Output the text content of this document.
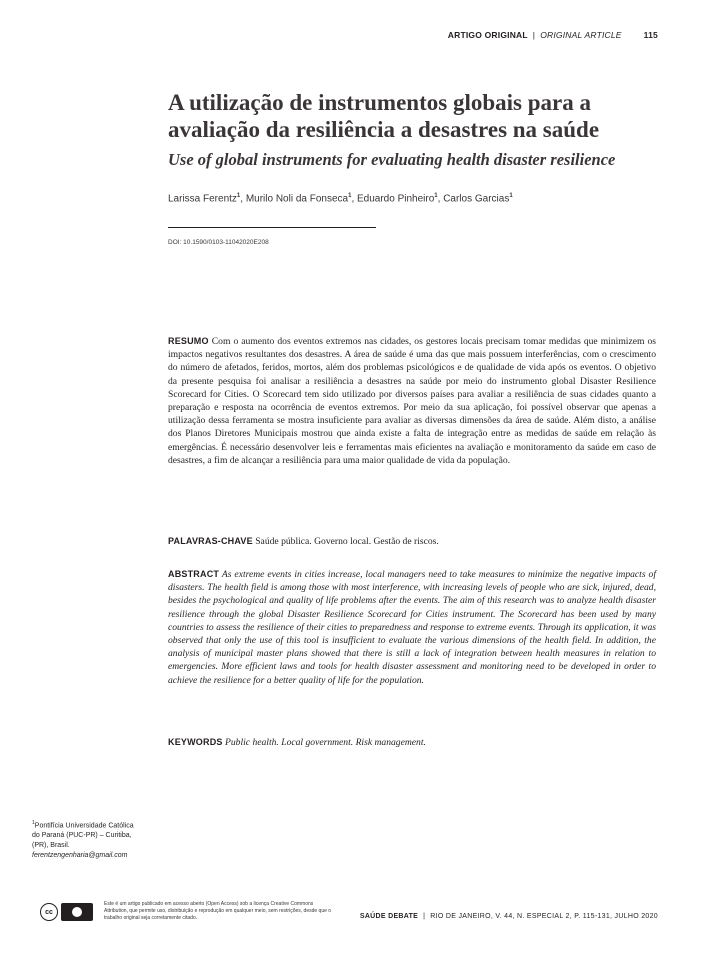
ARTIGO ORIGINAL | ORIGINAL ARTICLE	115
A utilização de instrumentos globais para a avaliação da resiliência a desastres na saúde
Use of global instruments for evaluating health disaster resilience
Larissa Ferentz$^1$, Murilo Noli da Fonseca$^1$, Eduardo Pinheiro$^1$, Carlos Garcias$^1$
DOI: 10.1590/0103-11042020E208

RESUMO Com o aumento dos eventos extremos nas cidades, os gestores locais precisam tomar medidas que minimizem os impactos negativos resultantes dos desastres. A área de saúde é uma das que mais possuem interferências, com o crescimento do número de afetados, feridos, mortos, além dos problemas psicológicos e de qualidade de vida após os eventos. O objetivo da presente pesquisa foi analisar a resiliência a desastres na saúde por meio do instrumento global Disaster Resilience Scorecard for Cities. O Scorecard tem sido utilizado por diversos países para avaliar a resiliência de suas cidades quanto a preparação e resposta na ocorrência de eventos extremos. Por meio da sua aplicação, foi possível observar que apenas a utilização dessa ferramenta se mostra insuficiente para avaliar as diversas dimensões da área de saúde. Além disto, a análise dos Planos Diretores Municipais mostrou que ainda existe a falta de integração entre as medidas de saúde em relação às emergências. É necessário desenvolver leis e ferramentas mais eficientes na avaliação e monitoramento da saúde em caso de desastres, a fim de alcançar a resiliência para uma maior qualidade de vida da população.

PALAVRAS-CHAVE Saúde pública. Governo local. Gestão de riscos.

ABSTRACT As extreme events in cities increase, local managers need to take measures to minimize the negative impacts of disasters. The health field is among those with most interference, with increasing levels of people who are sick, injured, dead, besides the psychological and quality of life problems after the events. The aim of this research was to analyze health disaster resilience through the global Disaster Resilience Scorecard for Cities instrument. The Scorecard has been used by many countries to assess the resilience of their cities to preparedness and response to extreme events. Through its application, it was observed that only the use of this tool is insufficient to evaluate the various dimensions of the health field. In addition, the analysis of municipal master plans showed that there is still a lack of integration between health measures in relation to emergencies. More efficient laws and tools for health disaster assessment and monitoring need to be developed in order to achieve the resilience for a better quality of life for the population.

KEYWORDS Public health. Local government. Risk management.

$^1$Pontifícia Universidade Católica do Paraná (PUC-PR) – Curitiba, (PR), Brasil. ferentzengenharia@gmail.com

cc

Este é um artigo publicado em acesso aberto (Open Access) sob a licença Creative Commons Attribution, que permite uso, distribuição e reprodução em qualquer meio, sem restrições, desde que o trabalho original seja corretamente citado.	SAÚDE DEBATE | RIO DE JANEIRO, V. 44, N. ESPECIAL 2, P. 115-131, JULHO 2020
